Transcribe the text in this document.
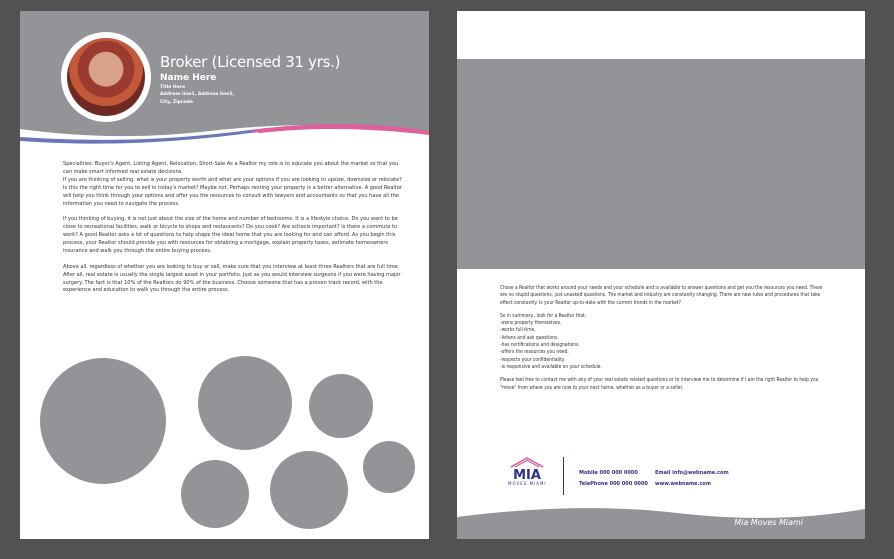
Broker (Licensed 31 yrs.)
Name Here
Title Here
Address line1, Address line2,
City, Zipcode

Specialities: Buyer's Agent, Listing Agent, Relocation, Short-Sale As a Realtor my role is to educate you about the market so that you can make smart informed real estate decisions.
If you are thinking of selling, what is your property worth and what are your options if you are looking to upsize, downsize or relocate? Is this the right time for you to sell in today's market? Maybe not. Perhaps renting your property is a better alternative. A good Realtor will help you think through your options and offer you the resources to consult with lawyers and accountants so that you have all the information you need to navigate the process.

If you thinking of buying, it is not just about the size of the home and number of bedrooms. It is a lifestyle choice. Do you want to be close to recreational facilities, walk or bicycle to shops and restaurants? Do you cook? Are schools important? Is there a commute to work? A good Realtor asks a lot of questions to help shape the ideal home that you are looking for and can afford. As you begin this process, your Realtor should provide you with resources for obtaining a mortgage, explain property taxes, estimate homeowners insurance and walk you through the entire buying process.

Above all, regardless of whether you are looking to buy or sell, make sure that you interview at least three Realtors that are full time. After all, real estate is usually the single largest asset in your portfolio. Just as you would interview surgeons if you were having major surgery. The fact is that 10% of the Realtors do 90% of the business. Choose someone that has a proven track record, with the experience and education to walk you through the entire process.	Chose a Realtor that works around your needs and your schedule and is available to answer questions and get you the resources you need. There are no stupid questions, just unasked questions. The market and industry are constantly changing. There are new rules and procedures that take effect constantly. Is your Realtor up-to-date with the current trends in the market?

So in summary...look for a Realtor that:
-owns property themselves.
-works full-time.
-listens and ask questions.
-has certifications and designations.
-offers the resources you need.
-respects your confidentiality.
-is responsive and available on your schedule.

Please feel free to contact me with any of your real estate related questions or to interview me to determine if I am the right Realtor to help you "move" from where you are now to your next home, whether as a buyer or a seller.

MIA
MOVES MIAMI
Mobile 000 000 0000
TelePhone 000 000 0000
Email info@webname.com
www.webname.com
Mia Moves Miami
